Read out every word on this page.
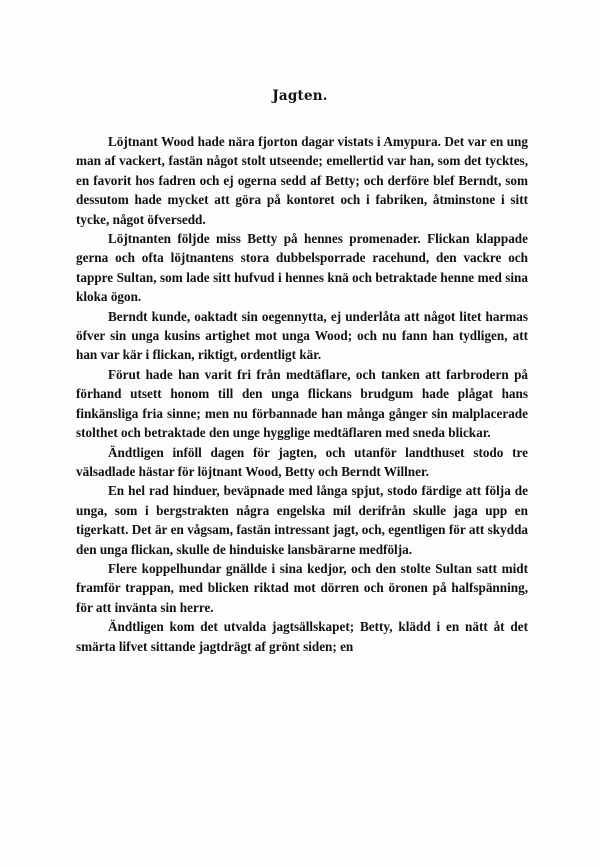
Jagten.

Löjtnant Wood hade nära fjorton dagar vistats i Amypura. Det var en ung man af vackert, fastän något stolt utseende; emellertid var han, som det tycktes, en favorit hos fadren och ej ogerna sedd af Betty; och derföre blef Berndt, som dessutom hade mycket att göra på kontoret och i fabriken, åtminstone i sitt tycke, något öfversedd.

Löjtnanten följde miss Betty på hennes promenader. Flickan klappade gerna och ofta löjtnantens stora dubbelsporrade racehund, den vackre och tappre Sultan, som lade sitt hufvud i hennes knä och betraktade henne med sina kloka ögon.

Berndt kunde, oaktadt sin oegennytta, ej underlåta att något litet harmas öfver sin unga kusins artighet mot unga Wood; och nu fann han tydligen, att han var kär i flickan, riktigt, ordentligt kär.

Förut hade han varit fri från medtäflare, och tanken att farbrodern på förhand utsett honom till den unga flickans brudgum hade plågat hans finkänsliga fria sinne; men nu förbannade han många gånger sin malplacerade stolthet och betraktade den unge hygglige medtäflaren med sneda blickar.

Ändtligen inföll dagen för jagten, och utanför landthuset stodo tre välsadlade hästar för löjtnant Wood, Betty och Berndt Willner.

En hel rad hinduer, beväpnade med långa spjut, stodo färdige att följa de unga, som i bergstrakten några engelska mil derifrån skulle jaga upp en tigerkatt. Det är en vågsam, fastän intressant jagt, och, egentligen för att skydda den unga flickan, skulle de hinduiske lansbärarne medfölja.

Flere koppelhundar gnällde i sina kedjor, och den stolte Sultan satt midt framför trappan, med blicken riktad mot dörren och öronen på halfspänning, för att invänta sin herre.

Ändtligen kom det utvalda jagtsällskapet; Betty, klädd i en nätt åt det smärta lifvet sittande jagtdrägt af grönt siden; en
